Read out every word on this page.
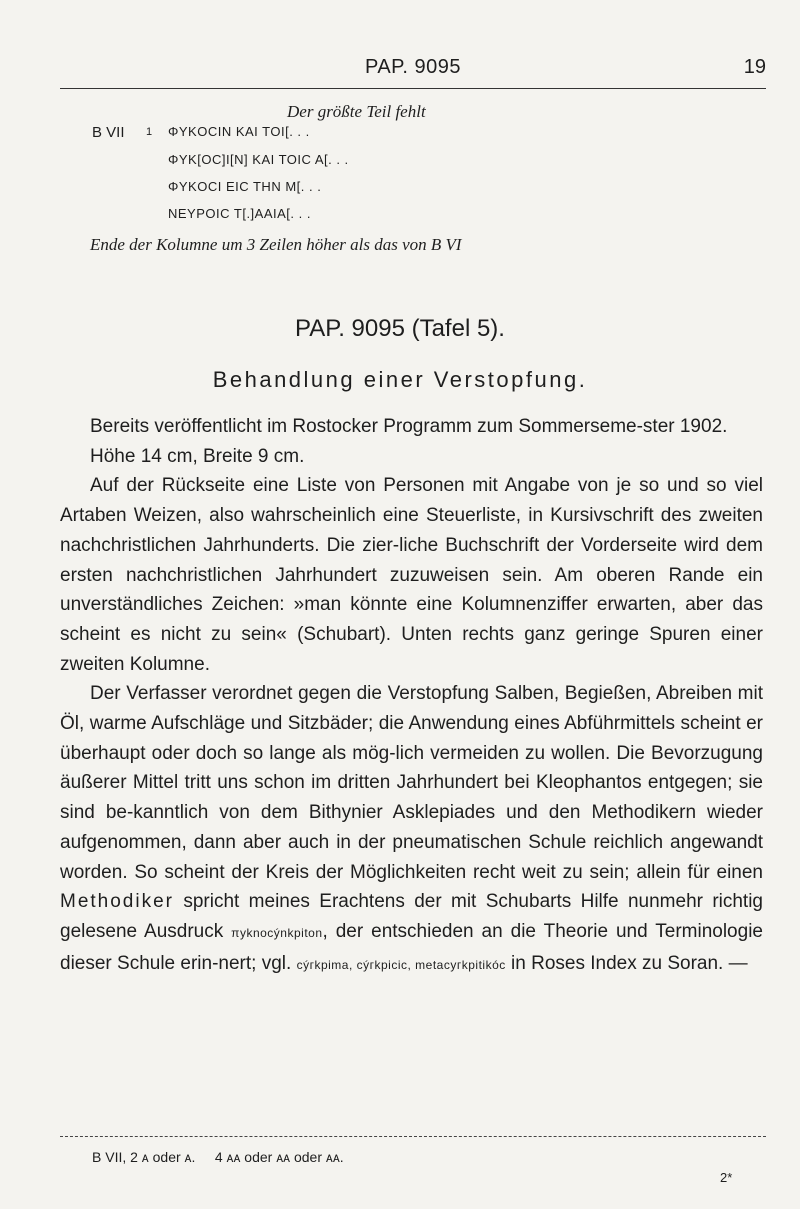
PAP. 9095	19
Der größte Teil fehlt
B VII 1 ΦYKOCIN KAI TOI[. . .
ΦYK[OC]I[N] KAI TOIC A[. . .
ΦYKOCI EIC THN M[. . .
NEYPOIC T[.]AAIA[. . .
Ende der Kolumne um 3 Zeilen höher als das von B VI
PAP. 9095 (Tafel 5).
Behandlung einer Verstopfung.

Bereits veröffentlicht im Rostocker Programm zum Sommerseme-ster 1902.

Höhe 14 cm, Breite 9 cm.

Auf der Rückseite eine Liste von Personen mit Angabe von je so und so viel Artaben Weizen, also wahrscheinlich eine Steuerliste, in Kursivschrift des zweiten nachchristlichen Jahrhunderts. Die zier-liche Buchschrift der Vorderseite wird dem ersten nachchristlichen Jahrhundert zuzuweisen sein. Am oberen Rande ein unverständliches Zeichen: »man könnte eine Kolumnenziffer erwarten, aber das scheint es nicht zu sein« (Schubart). Unten rechts ganz geringe Spuren einer zweiten Kolumne.

Der Verfasser verordnet gegen die Verstopfung Salben, Begießen, Abreiben mit Öl, warme Aufschläge und Sitzbäder; die Anwendung eines Abführmittels scheint er überhaupt oder doch so lange als mög-lich vermeiden zu wollen. Die Bevorzugung äußerer Mittel tritt uns schon im dritten Jahrhundert bei Kleophantos entgegen; sie sind be-kanntlich von dem Bithynier Asklepiades und den Methodikern wieder aufgenommen, dann aber auch in der pneumatischen Schule reichlich angewandt worden. So scheint der Kreis der Möglichkeiten recht weit zu sein; allein für einen Methodiker spricht meines Erachtens der mit Schubarts Hilfe nunmehr richtig gelesene Ausdruck πyknocýnkpiton, der entschieden an die Theorie und Terminologie dieser Schule erin-nert; vgl. cýгkpima, cýгkpicic, metacyгkpitikóc in Roses Index zu Soran. —

B VII, 2 ᴀ oder ᴀ.     4 ᴀᴀ oder ᴀᴀ oder ᴀᴀ.
2*
